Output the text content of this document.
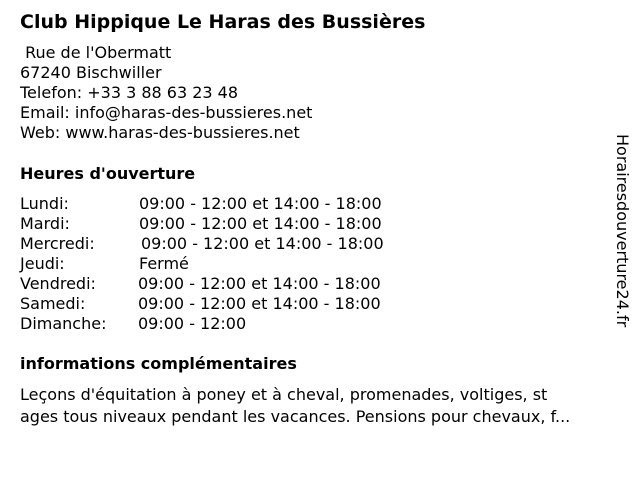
Club Hippique Le Haras des Bussières
Rue de l'Obermatt
67240 Bischwiller
Telefon: +33 3 88 63 23 48
Email: info@haras-des-bussieres.net
Web: www.haras-des-bussieres.net
Heures d'ouverture
Lundi:	09:00 - 12:00 et 14:00 - 18:00
Mardi:	09:00 - 12:00 et 14:00 - 18:00
Mercredi:	09:00 - 12:00 et 14:00 - 18:00
Jeudi:	Fermé
Vendredi:	09:00 - 12:00 et 14:00 - 18:00
Samedi:	09:00 - 12:00 et 14:00 - 18:00
Dimanche: 09:00 - 12:00
informations complémentaires
Leçons d'équitation à poney et à cheval, promenades, voltiges, st
ages tous niveaux pendant les vacances. Pensions pour chevaux, f...
Horairesdouverture24.fr
